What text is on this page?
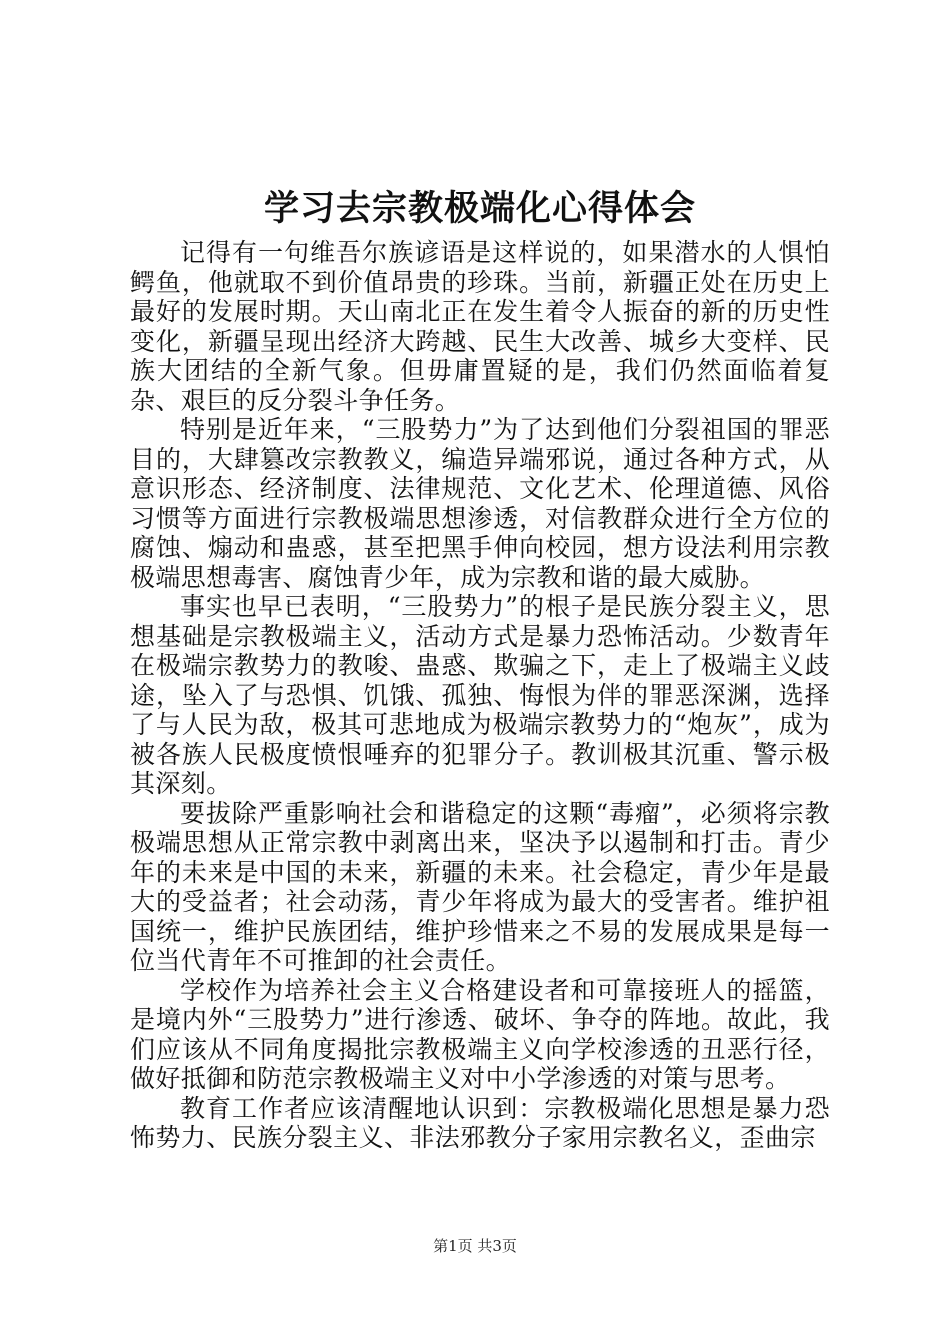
学习去宗教极端化心得体会

记得有一句维吾尔族谚语是这样说的，如果潜水的人惧怕鳄鱼，他就取不到价值昂贵的珍珠。当前，新疆正处在历史上最好的发展时期。天山南北正在发生着令人振奋的新的历史性变化，新疆呈现出经济大跨越、民生大改善、城乡大变样、民族大团结的全新气象。但毋庸置疑的是，我们仍然面临着复杂、艰巨的反分裂斗争任务。

特别是近年来，“三股势力”为了达到他们分裂祖国的罪恶目的，大肆篡改宗教教义，编造异端邪说，通过各种方式，从意识形态、经济制度、法律规范、文化艺术、伦理道德、风俗习惯等方面进行宗教极端思想渗透，对信教群众进行全方位的腐蚀、煽动和蛊惑，甚至把黑手伸向校园，想方设法利用宗教极端思想毒害、腐蚀青少年，成为宗教和谐的最大威胁。

事实也早已表明，“三股势力”的根子是民族分裂主义，思想基础是宗教极端主义，活动方式是暴力恐怖活动。少数青年在极端宗教势力的教唆、蛊惑、欺骗之下，走上了极端主义歧途，坠入了与恐惧、饥饿、孤独、悔恨为伴的罪恶深渊，选择了与人民为敌，极其可悲地成为极端宗教势力的“炮灰”，成为被各族人民极度愤恨唾弃的犯罪分子。教训极其沉重、警示极其深刻。

要拔除严重影响社会和谐稳定的这颗“毒瘤”，必须将宗教极端思想从正常宗教中剥离出来，坚决予以遏制和打击。青少年的未来是中国的未来，新疆的未来。社会稳定，青少年是最大的受益者；社会动荡，青少年将成为最大的受害者。维护祖国统一，维护民族团结，维护珍惜来之不易的发展成果是每一位当代青年不可推卸的社会责任。

学校作为培养社会主义合格建设者和可靠接班人的摇篮，是境内外“三股势力”进行渗透、破坏、争夺的阵地。故此，我们应该从不同角度揭批宗教极端主义向学校渗透的丑恶行径，做好抵御和防范宗教极端主义对中小学渗透的对策与思考。

教育工作者应该清醒地认识到：宗教极端化思想是暴力恐怖势力、民族分裂主义、非法邪教分子家用宗教名义，歪曲宗

第1页 共3页
